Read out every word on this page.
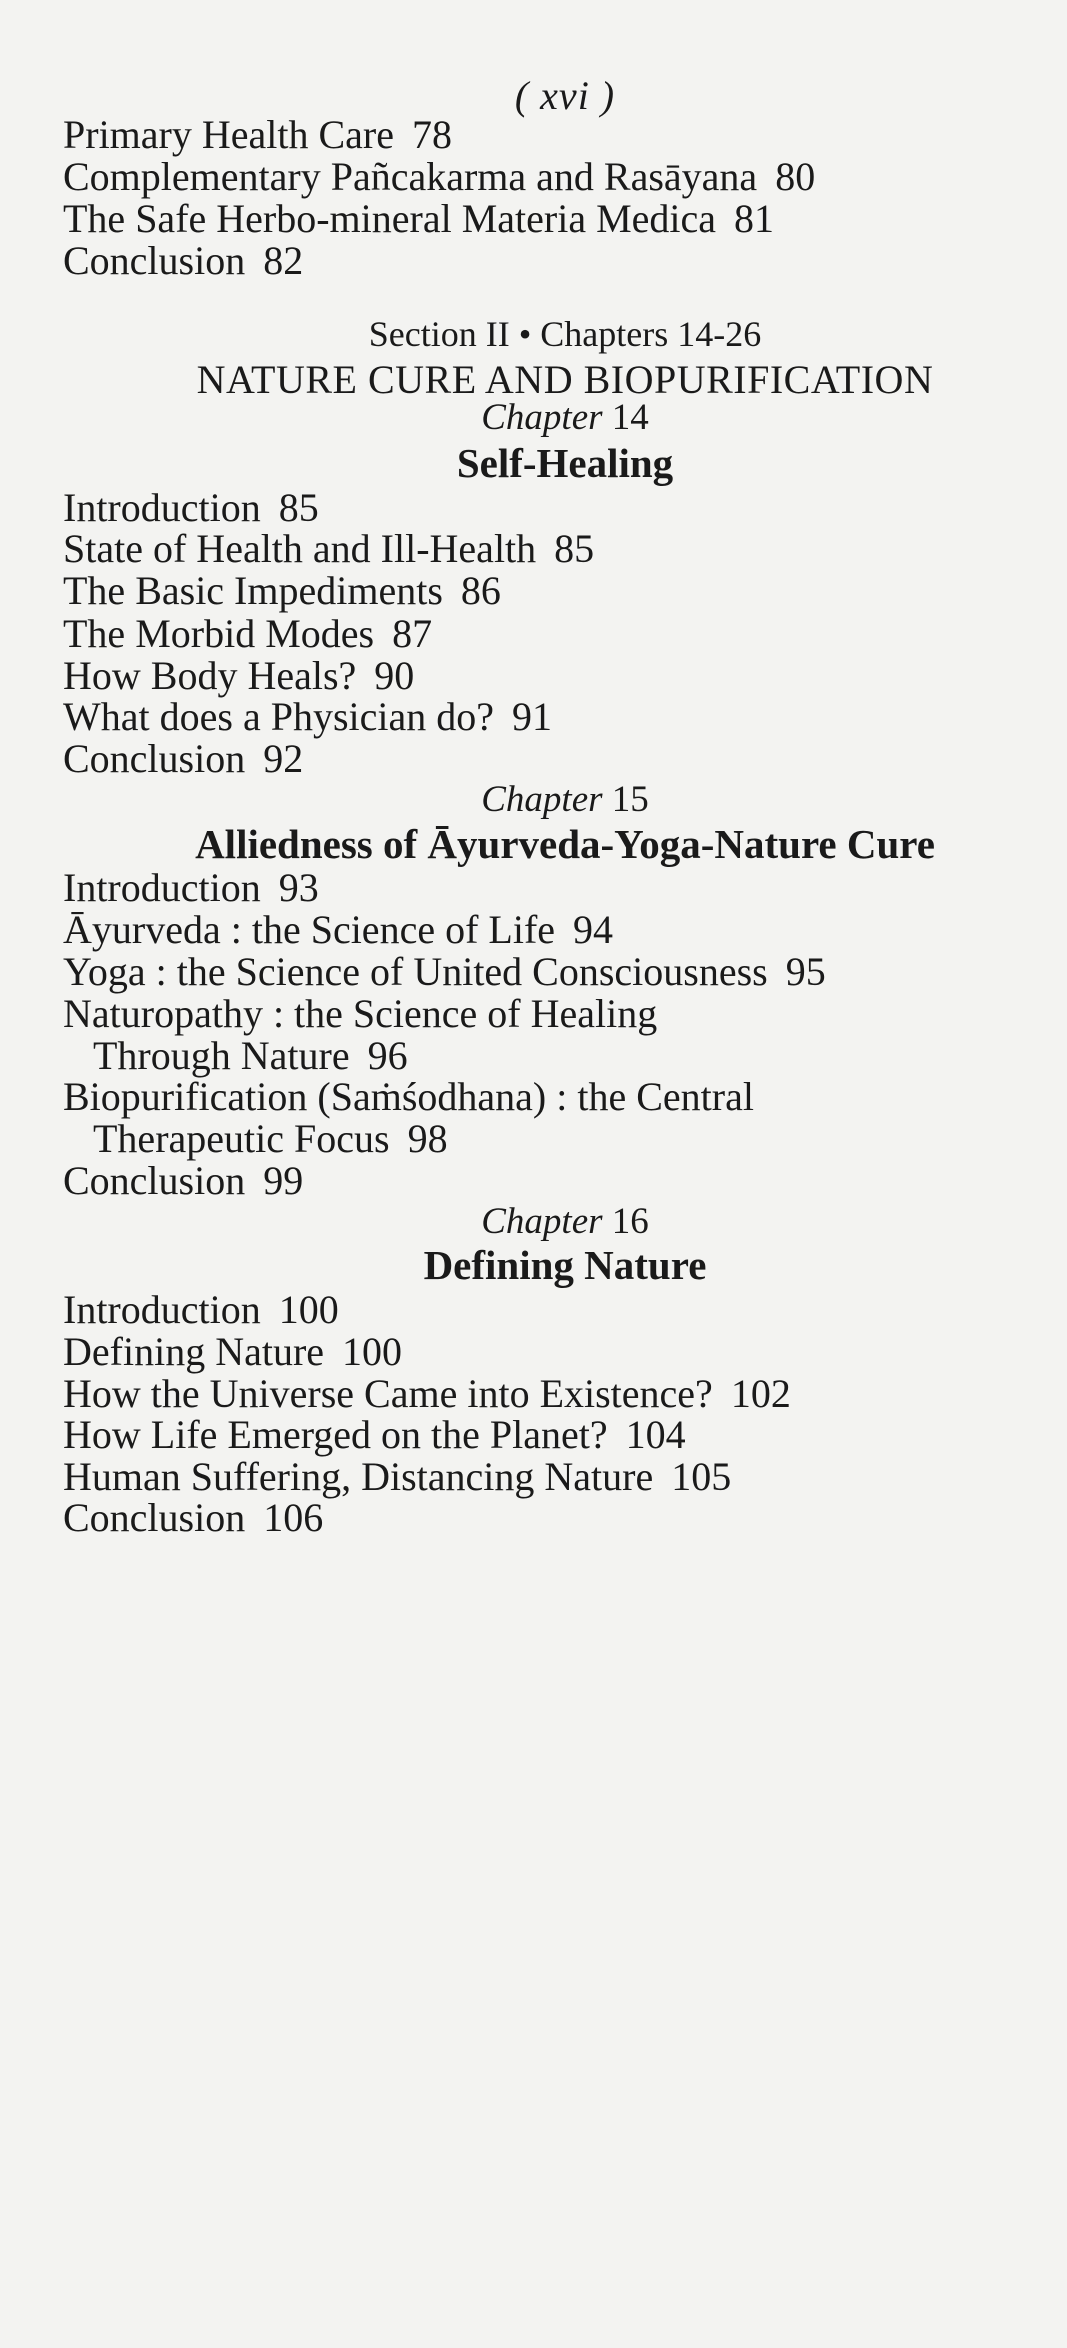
( xvi )
Primary Health Care 78
Complementary Pañcakarma and Rasāyana 80
The Safe Herbo-mineral Materia Medica 81
Conclusion 82
Section II • Chapters 14-26
NATURE CURE AND BIOPURIFICATION
Chapter 14
Self-Healing
Introduction 85
State of Health and Ill-Health 85
The Basic Impediments 86
The Morbid Modes 87
How Body Heals? 90
What does a Physician do? 91
Conclusion 92
Chapter 15
Alliedness of Āyurveda-Yoga-Nature Cure
Introduction 93
Āyurveda : the Science of Life 94
Yoga : the Science of United Consciousness 95
Naturopathy : the Science of Healing
Through Nature 96
Biopurification (Saṁśodhana) : the Central
Therapeutic Focus 98
Conclusion 99
Chapter 16
Defining Nature
Introduction 100
Defining Nature 100
How the Universe Came into Existence? 102
How Life Emerged on the Planet? 104
Human Suffering, Distancing Nature 105
Conclusion 106
